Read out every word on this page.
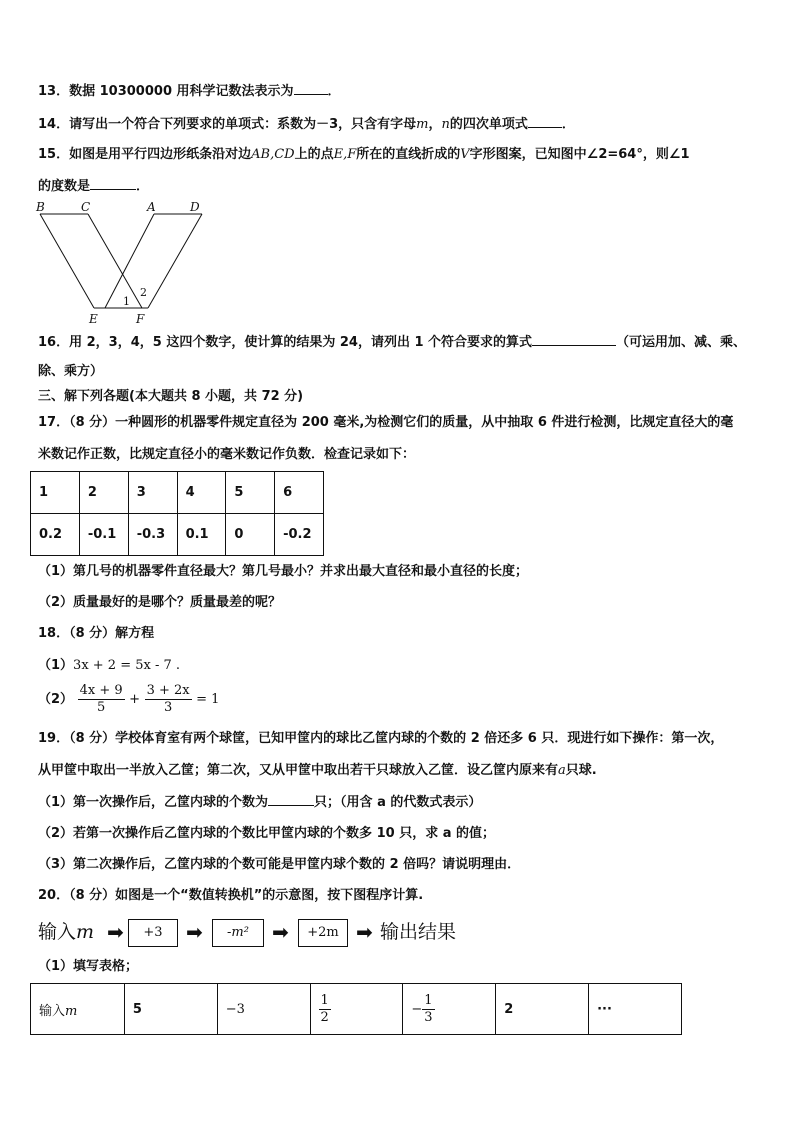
13．数据 10300000 用科学记数法表示为	．
14．请写出一个符合下列要求的单项式：系数为－3，只含有字母m，n的四次单项式	．
15．如图是用平行四边形纸条沿对边AB,CD上的点E,F所在的直线折成的V字形图案，已知图中∠2=64°，则∠1
的度数是	．
B	C	A	D
E	F
1
2
16．用 2，3，4，5 这四个数字，使计算的结果为 24，请列出 1 个符合要求的算式	（可运用加、减、乘、
除、乘方）
三、解下列各题(本大题共 8 小题，共 72 分)
17．（8 分）一种圆形的机器零件规定直径为 200 毫米,为检测它们的质量，从中抽取 6 件进行检测，比规定直径大的毫
米数记作正数，比规定直径小的毫米数记作负数．检查记录如下：
1	2	3	4	5	6
0.2	-0.1	-0.3	0.1	0	-0.2
（1）第几号的机器零件直径最大？第几号最小？并求出最大直径和最小直径的长度；
（2）质量最好的是哪个？质量最差的呢？
18．（8 分）解方程
（1）3x + 2 = 5x - 7 .
$(2) \frac{4x + 9}{5} + \frac{3 + 2x}{3} = 1$
19．（8 分）学校体育室有两个球筐，已知甲筐内的球比乙筐内球的个数的 2 倍还多 6 只．现进行如下操作：第一次，
从甲筐中取出一半放入乙筐；第二次，又从甲筐中取出若干只球放入乙筐．设乙筐内原来有a只球.
（1）第一次操作后，乙筐内球的个数为	只；（用含 a 的代数式表示）
（2）若第一次操作后乙筐内球的个数比甲筐内球的个数多 10 只，求 a 的值；
（3）第二次操作后，乙筐内球的个数可能是甲筐内球个数的 2 倍吗？请说明理由．
20．（8 分）如图是一个“数值转换机”的示意图，按下图程序计算.
输入m ➡	+3	➡	-m²	➡	+2m ➡ 输出结果
（1）填写表格；
输入m	5	−3	$\frac{1}{2}$	− $\frac{1}{3}$	2	···
